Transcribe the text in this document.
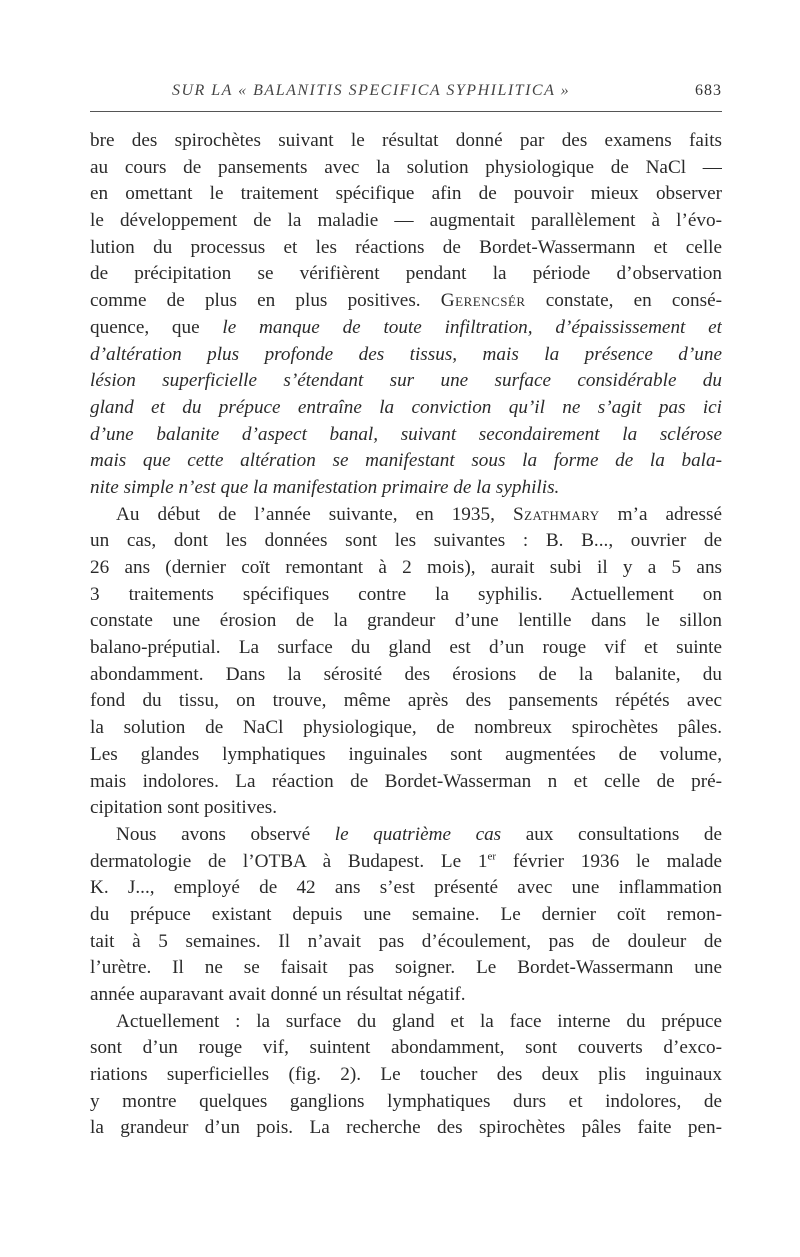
SUR LA « BALANITIS SPECIFICA SYPHILITICA »	683
bre des spirochètes suivant le résultat donné par des examens faits
au cours de pansements avec la solution physiologique de NaCl —
en omettant le traitement spécifique afin de pouvoir mieux observer
le développement de la maladie — augmentait parallèlement à l’évo-
lution du processus et les réactions de Bordet-Wassermann et celle
de précipitation se vérifièrent pendant la période d’observation
comme de plus en plus positives. Gerencsér constate, en consé-
quence, que le manque de toute infiltration, d’épaississement et
d’altération plus profonde des tissus, mais la présence d’une
lésion superficielle s’étendant sur une surface considérable du
gland et du prépuce entraîne la conviction qu’il ne s’agit pas ici
d’une balanite d’aspect banal, suivant secondairement la sclérose
mais que cette altération se manifestant sous la forme de la bala-
nite simple n’est que la manifestation primaire de la syphilis.
Au début de l’année suivante, en 1935, Szathmary m’a adressé
un cas, dont les données sont les suivantes : B. B..., ouvrier de
26 ans (dernier coït remontant à 2 mois), aurait subi il y a 5 ans
3 traitements spécifiques contre la syphilis. Actuellement on
constate une érosion de la grandeur d’une lentille dans le sillon
balano-préputial. La surface du gland est d’un rouge vif et suinte
abondamment. Dans la sérosité des érosions de la balanite, du
fond du tissu, on trouve, même après des pansements répétés avec
la solution de NaCl physiologique, de nombreux spirochètes pâles.
Les glandes lymphatiques inguinales sont augmentées de volume,
mais indolores. La réaction de Bordet-Wasserman n et celle de pré-
cipitation sont positives.
Nous avons observé le quatrième cas aux consultations de
dermatologie de l’OTBA à Budapest. Le 1er février 1936 le malade
K. J..., employé de 42 ans s’est présenté avec une inflammation
du prépuce existant depuis une semaine. Le dernier coït remon-
tait à 5 semaines. Il n’avait pas d’écoulement, pas de douleur de
l’urètre. Il ne se faisait pas soigner. Le Bordet-Wassermann une
année auparavant avait donné un résultat négatif.
Actuellement : la surface du gland et la face interne du prépuce
sont d’un rouge vif, suintent abondamment, sont couverts d’exco-
riations superficielles (fig. 2). Le toucher des deux plis inguinaux
y montre quelques ganglions lymphatiques durs et indolores, de
la grandeur d’un pois. La recherche des spirochètes pâles faite pen-
